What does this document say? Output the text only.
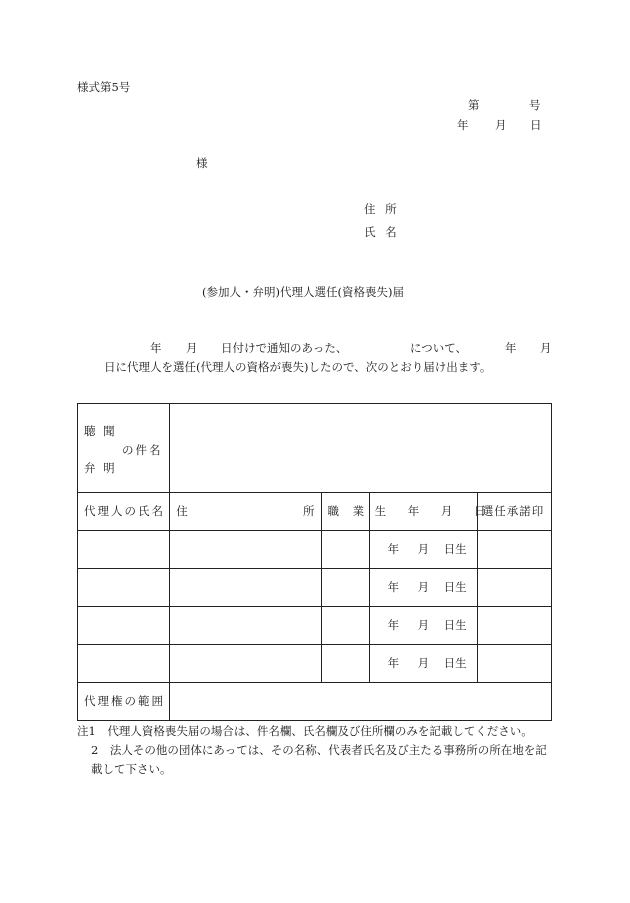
様式第5号
第	号
年 月 日
様
住 所
氏 名
(参加人・弁明)代理人選任(資格喪失)届
年 月 日付けで通知のあった、	について、	年 月
日に代理人を選任(代理人の資格が喪失)したので、次のとおり届け出ます。
聴 聞
の件名
弁 明				

代理人の氏名	住 所	職 業	生 年 月 日	選任承諾印

			年 月 日生	

			年 月 日生	

			年 月 日生	

			年 月 日生	

代理権の範囲				

注1　代理人資格喪失届の場合は、件名欄、氏名欄及び住所欄のみを記載してください。
2　法人その他の団体にあっては、その名称、代表者氏名及び主たる事務所の所在地を記
載して下さい。
